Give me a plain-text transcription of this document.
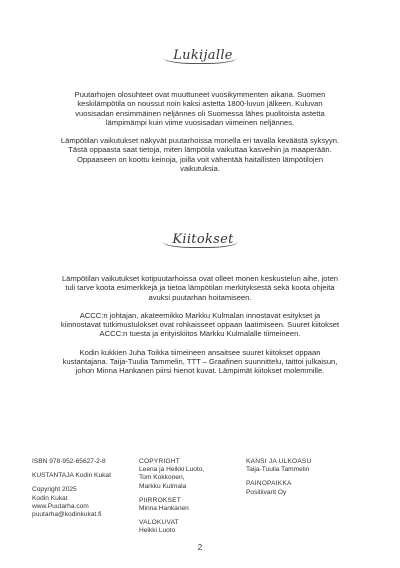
Lukijalle

Puutarhojen olosuhteet ovat muuttuneet vuosikymmenten aikana. Suomen keskilämpötila on noussut noin kaksi astetta 1800-luvun jälkeen. Kuluvan vuosisadan ensimmäinen neljännes oli Suomessa lähes puolitoista astetta lämpimämpi kuin viime vuosisadan viimeinen neljännes.

Lämpötilan vaikutukset näkyvät puutarhoissa monella eri tavalla keväästä syksyyn. Tästä oppaasta saat tietoja, miten lämpötila vaikuttaa kasveihin ja maaperään. Oppaaseen on koottu keinoja, joilla voit vähentää haitallisten lämpötilojen vaikutuksia.

Kiitokset

Lämpötilan vaikutukset kotipuutarhoissa ovat olleet monen keskustelun aihe, joten tuli tarve koota esimerkkejä ja tietoa lämpötilan merkityksestä sekä koota ohjeita avuksi puutarhan hoitamiseen.

ACCC:n johtajan, akateemikko Markku Kulmalan innostavat esitykset ja kiinnostavat tutkimustulokset ovat rohkaisseet oppaan laatimiseen. Suuret kiitokset ACCC:n tuesta ja erityiskiitos Markku Kulmalalle tiimeineen.

Kodin kukkien Juha Toikka tiimeineen ansaitsee suuret kiitokset oppaan kustantajana. Taija-Tuulia Tammelin, TTT – Graafinen suunnittelu, taittoi julkaisun, johon Minna Hankanen piirsi hienot kuvat. Lämpimät kiitokset molemmille.

ISBN 978-952-65627-2-8
KUSTANTAJA Kodin Kukat
Copyright 2025
Kodin Kukat
www.Puutarha.com
puutarha@kodinkukat.fi
COPYRIGHT
Leena ja Heikki Luoto,
Tom Kokkonen,
Markku Kulmala
PIIRROKSET
Minna Hankanen
VALOKUVAT
Heikki Luoto
KANSI JA ULKOASU
Taija-Tuulia Tammelin
PAINOPAIKKA
Positiivarit Oy
2
